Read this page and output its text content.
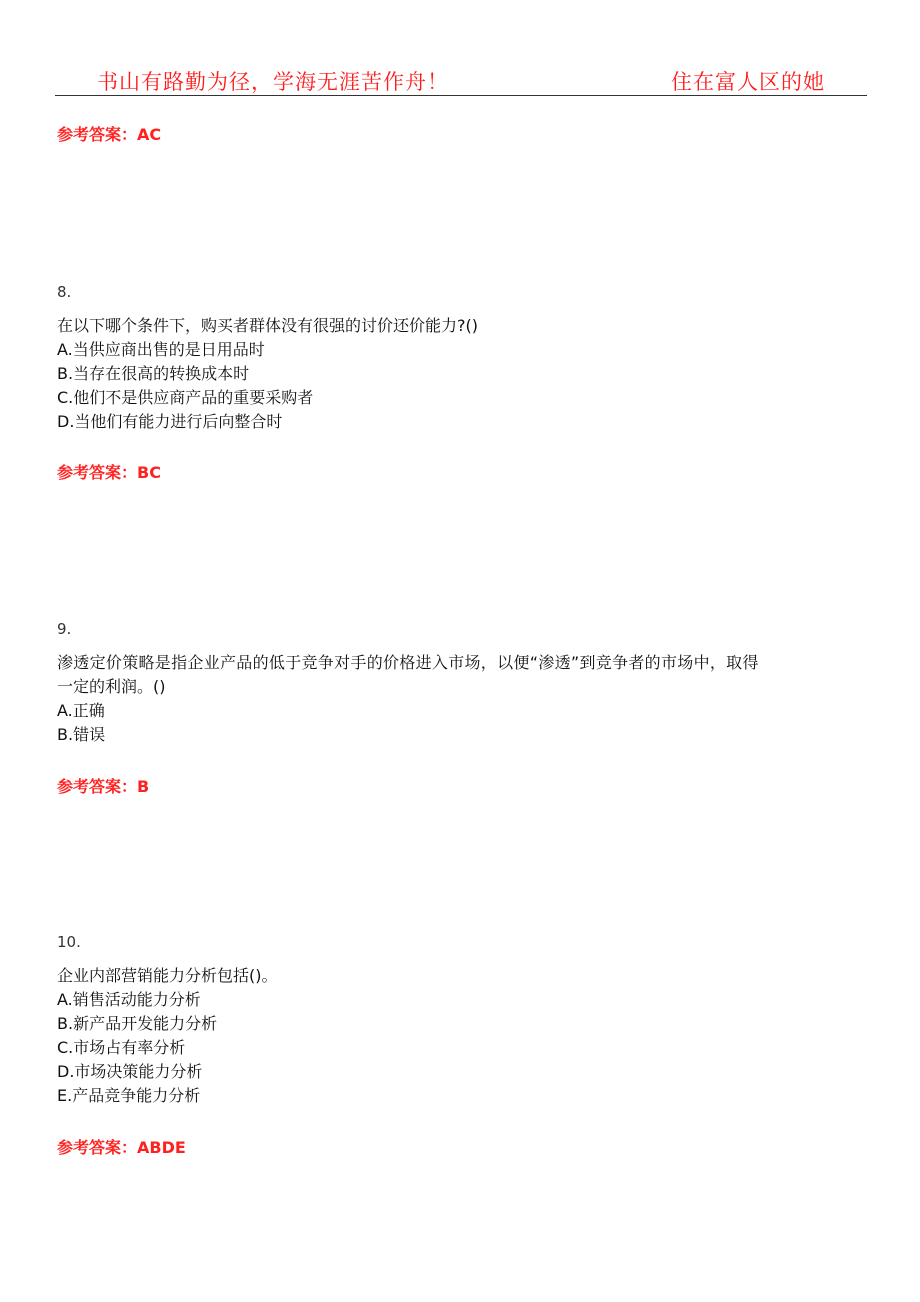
书山有路勤为径，学海无涯苦作舟！	住在富人区的她
参考答案：AC
8.
在以下哪个条件下，购买者群体没有很强的讨价还价能力?()
A.当供应商出售的是日用品时
B.当存在很高的转换成本时
C.他们不是供应商产品的重要采购者
D.当他们有能力进行后向整合时
参考答案：BC
9.
渗透定价策略是指企业产品的低于竞争对手的价格进入市场，以便“渗透”到竞争者的市场中，取得
一定的利润。()
A.正确
B.错误
参考答案：B
10.
企业内部营销能力分析包括()。
A.销售活动能力分析
B.新产品开发能力分析
C.市场占有率分析
D.市场决策能力分析
E.产品竞争能力分析
参考答案：ABDE
